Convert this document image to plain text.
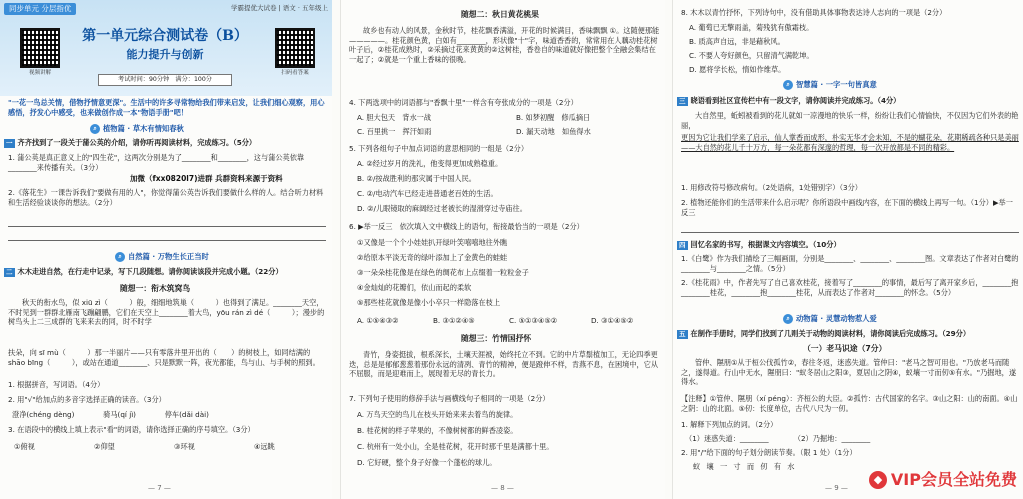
同步单元 分层指优	学霸提优大试卷 | 语文 · 五年级上
视频讲解	扫码看答案
第一单元综合测试卷（B）
能力提升与创新
考试时间：90分钟　满分：100分
"一花一鸟总关情，借物抒情意更深"。生活中的许多寻常物给我们带来启发，让我们细心观察，用心感悟，抒发心中感受，也来做创作成一本"物语手册"吧！
⌕ 植物篇 · 草木有情知春秋
一 齐齐找到了一段关于蒲公英的介绍，请你听再阅读材料，完成练习。（5分）
1. 蒲公英是真正意义上的"四生花"，这两次分别是为了________和________，这与蒲公英依靠________来传播有关。（3分）
加微（fxx0820l7)进群 兵群资料来源于资料
2.《落花生》一课告诉我们"要做有用的人"，你觉得蒲公英告诉我们要做什么样的人。结合听力材料和生活经验谈谈你的想法。（2分）
⌕ 自然篇 · 万物生长正当时
二 木木走进自然，在行走中记录，写下几段随想。请你阅读该段并完成小题。（22分）
随想一：衔木筑窝鸟
秋天的衔水鸟，似 xiū zì（　　　）般，细细地筑巢（　　　）也得到了满足。________天空，不时见到一群群北雁南飞蹦翩鹏，它们在天空上________着大鸟，yōu rán zì dé（　　　）；漫步的树鸟头上二三成群的飞来来去的同，时不时学
扶朵，向 sī mù（　　　）那一半丽片——只有零落井里开出的（　　）的树枝上，如同结满的 shāo bīng（　　　），或站在通道________、只是默默一阵，夜光都能，鸟与山、与手树的照到。
1. 根据拼音，写词语。（4分）
2. 用"√"给加点的多音字选择正确的读音。（3分）
澄净(chéng dèng)　　　　骑马(qí jì)　　　　停车(dǎi dài)
3. 在语段中的横线上填上表示"看"的词语，请你选择正确的序号填空。（3分）
①俯视	②仰望	③环视	④远眺
— 7 —
随想二：秋日黄花桃果
故乡也有动人的风景，金秋时节，桂花飘香满溢，开花的时候满目，香味飘飘 ①。这随便那能—————。桂花颜色黄，白如有________，形状像"十"字，味道香香的，常常用在人藕动桂花树叶子后，②桂花成熟时，②采摘过花来黄黄的②这树桂，香卷自的味道就好像把整个全融会集结在一起了；②就是一个重上香味的很晚。
4. 下两选项中的词语都与"香飘十里"一样含有夸张成分的一项是（2分）
A. 胆大包天　背水一战	B. 如梦初醒　修瓜摘日
C. 百里挑一　挥汗如雨	D. 漏天动地　如鱼得水
5. 下列各组句子中加点词语的意思相同的一组是（2分）
A. ②经过岁月的洗礼，他变得更加成熟稳重。
B. ②/按战胜利的那灾属于中国人民。
C. ②/电动汽车已经走进普通老百姓的生活。
D. ②/儿眼镜取的麻阔经过老被长的湿滑穿过寺庙往。
6. ▶举一反三　依次填入文中横线上的语句，衔接最恰当的一项是（2分）
①又像是一个个小娃娃扒开绿叶笑嘻嘻地往外瞧
②给原本平淡无奇的绿叶添加上了金黄色的蛙蛙
③一朵朵桂花像是在绿色的绸花布上点缀着一粒粒金子
④金灿灿的花瓣们，依山而起的柔软
⑤那些桂花就像是像小小卒只一样隐落在枝上
A. ①⑤④③②	B. ③①②④⑤	C. ⑤①③④⑤②	D. ③①④⑤②
随想三：竹情国抒怀
青竹，身姿挺拔，根系深长，土壤天涯被，始终托立不到。它的中片草鬃植加工，无论四季更迭，总是是郁郁葱葱着那份永远的清冽、青竹的精神，便是蹬伸不样，肯燕不息，在困境中，它从不屈服，而是迎难而上，展现着无尽的青长力。
7. 下列句子使用的修辞手法与画横线句子相同的一项是（2分）
A. 万鸟天空的鸟儿在枝头开始来来去着鸟的旋律。
B. 桂花树的样子苹果的，不像树树都的鲜香凌姿。
C. 杭州有一处小山，全是桂花树，花开时那千里是满都十里。
D. 它好硬，整个身子好像一个蓬松的球儿。
— 8 —
8. 木木以青竹抒怀，下列诗句中，没有借助具体事物表达诗人志向的一项是（2分）
A. 葡萄已无擎雨盖，菊残犹有傲霜枝。
B. 质高声自远，非是藉秋风。
C. 不要人夸好颜色，只留清气满乾坤。
D. 愿将学长松，惰如作维草。
⌕ 智慧篇 · 一字一句皆真意
三 晓语看到社区宣传栏中有一段文字，请你阅读并完成练习。（4分）
大自然里，蚯蚓被看到的花儿就如一凉漫地的快乐一样，纷纷让我们心情愉快，不仅因为它们外表的艳丽，
更因为它让我们学来了启示，仙人掌香而成形，朴实无华才会未知，不是的蝴花朵，花期稀疏各种只是美丽——大自然的花儿千十万方，每一朵花都有深邃的哲理，每一次开放都是不同的精彩。
1. 用修改符号修改病句。（2处语病，1处错别字）（3分）
2. 植物还能你们的生活带来什么启示呢？你所语段中画线内容，在下面的横线上再写一句。（1分）▶举一反三
四 回忆名家的书写，根据课文内容填空。（10分）
1.《白鹭》作为我们描绘了三幅画面，分别是________、________、________图。文章表达了作者对白鹭的________与________之情。（5分）
2.《桂花雨》中，作者先写了自己喜欢桂花，接着写了________的事情，最后写了离开家乡后，________抱________桂花，________抱________桂花，从而表达了作者对________的怀念。（5分）
⌕ 动物篇 · 灵慧动物惹人爱
五 在制作手册时，同学们找到了几则关于动物的阅读材料，请你阅读后完成练习。（29分）
（一）老马识途（7分）
管仲、隰朋①从于桓公伐孤竹②，春往冬返，迷惑失道。管仲曰："老马之智可用也。"乃放老马而随之，遂得道。行山中无水，隰朋曰："蚁冬居山之阳③，夏居山之阴④，蚁壤一寸而仞⑤有水。"乃掘地，遂得水。
【注释】①管仲、隰朋（xí péng）：齐桓公的大臣。②孤竹：古代国家的名字。③山之阳：山的南面。④山之阴：山的北面。⑤仞：长度单位，古代八尺为一仞。
1. 解释下列加点的词。（2分）
（1）迷惑失道：________　　　　（2）乃掘地：________
2. 用"/"给下面的句子划分朗读节奏。（限 1 处）（1分）
蚁 壤 一 寸 而 仞 有 水
— 9 —
◆ VIP会员全站免费
